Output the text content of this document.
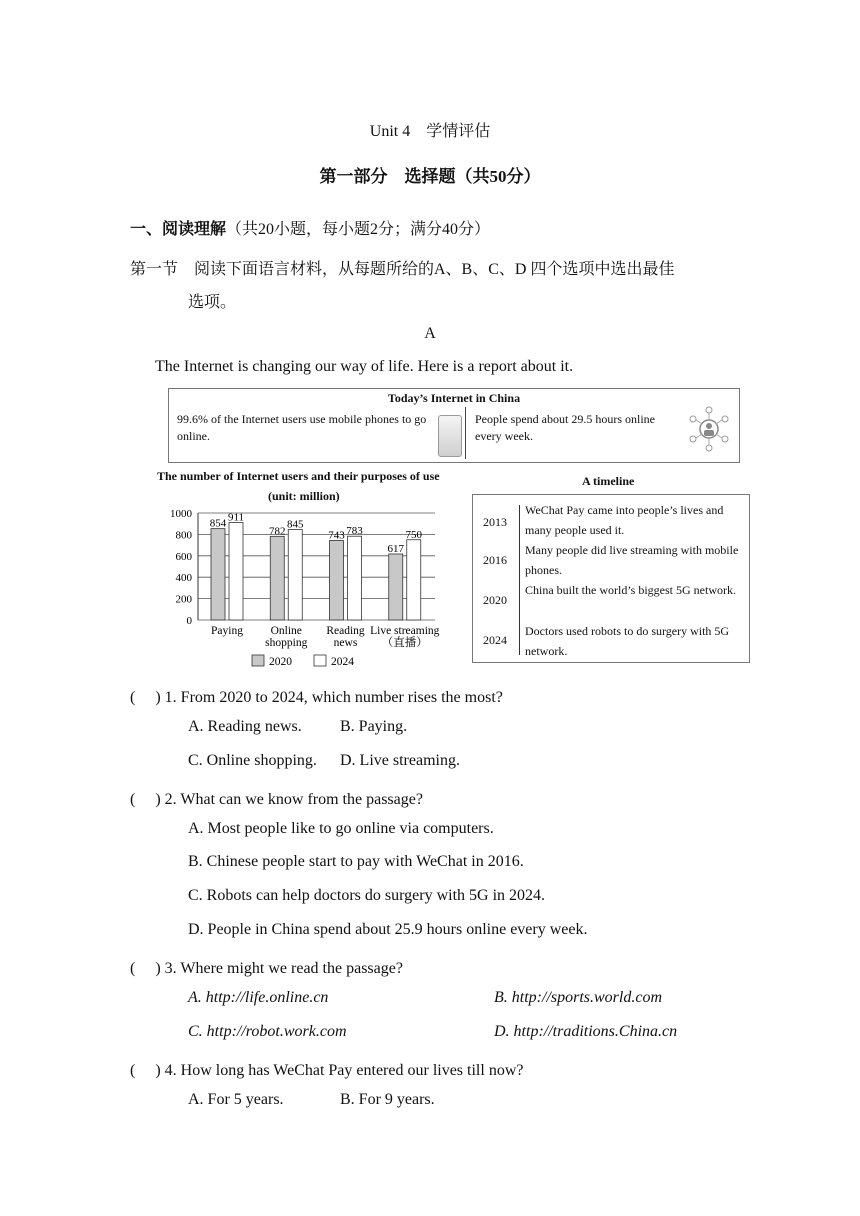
Unit 4　学情评估
第一部分　选择题（共50分）
一、阅读理解（共20小题，每小题2分；满分40分）
第一节　阅读下面语言材料，从每题所给的A、B、C、D 四个选项中选出最佳
选项。
A
The Internet is changing our way of life. Here is a report about it.
Today’s Internet in China
99.6% of the Internet users use mobile phones to go online.
People spend about 29.5 hours online every week.
The number of Internet users and their purposes of use
(unit: million)
1000
800
600
400
200
0
854
911
Paying
782
845
Online
shopping
743 783
Reading
news
617
750
Live streaming
（直播）
2020	2024
A timeline
2013
WeChat Pay came into people’s lives and many people used it.
2016
Many people did live streaming with mobile phones.
2020
China built the world’s biggest 5G network.
2024
Doctors used robots to do surgery with 5G network.
(　 ) 1. From 2020 to 2024, which number rises the most?
A. Reading news. B. Paying.
C. Online shopping. D. Live streaming.
(　 ) 2. What can we know from the passage?
A. Most people like to go online via computers.
B. Chinese people start to pay with WeChat in 2016.
C. Robots can help doctors do surgery with 5G in 2024.
D. People in China spend about 25.9 hours online every week.
(　 ) 3. Where might we read the passage?
A. http://life.online.cn	B. http://sports.world.com
C. http://robot.work.com	D. http://traditions.China.cn
(　 ) 4. How long has WeChat Pay entered our lives till now?
A. For 5 years.	B. For 9 years.
